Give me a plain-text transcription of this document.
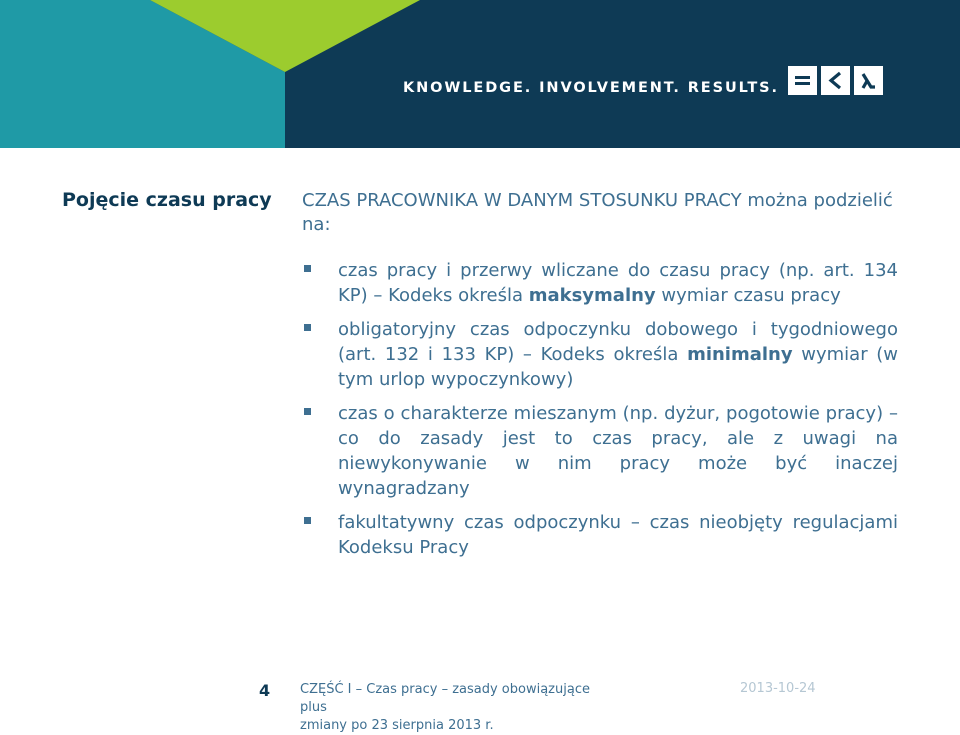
KNOWLEDGE. INVOLVEMENT. RESULTS.
Pojęcie czasu pracy CZAS PRACOWNIKA W DANYM STOSUNKU PRACY można podzielić na:

czas pracy i przerwy wliczane do czasu pracy (np. art. 134 KP) – Kodeks określa maksymalny wymiar czasu pracy
obligatoryjny czas odpoczynku dobowego i tygodniowego (art. 132 i 133 KP) – Kodeks określa minimalny wymiar (w tym urlop wypoczynkowy)
czas o charakterze mieszanym (np. dyżur, pogotowie pracy) – co do zasady jest to czas pracy, ale z uwagi na niewykonywanie w nim pracy może być inaczej wynagradzany
fakultatywny czas odpoczynku – czas nieobjęty regulacjami Kodeksu Pracy
4 CZĘŚĆ I – Czas pracy – zasady obowiązujące plus
zmiany po 23 sierpnia 2013 r.
2013-10-24
